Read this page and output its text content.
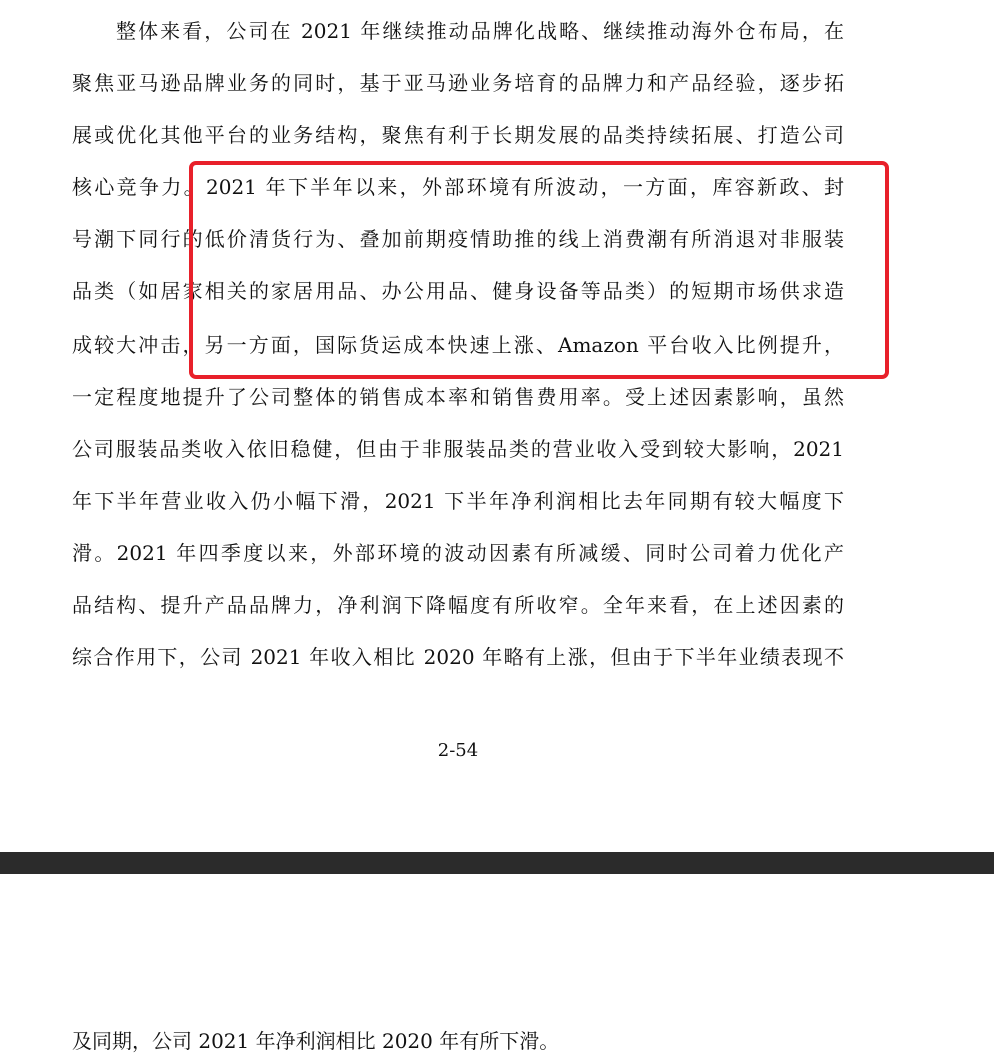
整体来看，公司在 2021 年继续推动品牌化战略、继续推动海外仓布局，在
聚焦亚马逊品牌业务的同时，基于亚马逊业务培育的品牌力和产品经验，逐步拓
展或优化其他平台的业务结构，聚焦有利于长期发展的品类持续拓展、打造公司
核心竞争力。2021 年下半年以来，外部环境有所波动，一方面，库容新政、封
号潮下同行的低价清货行为、叠加前期疫情助推的线上消费潮有所消退对非服装
品类（如居家相关的家居用品、办公用品、健身设备等品类）的短期市场供求造
成较大冲击，另一方面，国际货运成本快速上涨、Amazon 平台收入比例提升，
一定程度地提升了公司整体的销售成本率和销售费用率。受上述因素影响，虽然
公司服装品类收入依旧稳健，但由于非服装品类的营业收入受到较大影响，2021
年下半年营业收入仍小幅下滑，2021 下半年净利润相比去年同期有较大幅度下
滑。2021 年四季度以来，外部环境的波动因素有所减缓、同时公司着力优化产
品结构、提升产品品牌力，净利润下降幅度有所收窄。全年来看，在上述因素的
综合作用下，公司 2021 年收入相比 2020 年略有上涨，但由于下半年业绩表现不
2-54
及同期，公司 2021 年净利润相比 2020 年有所下滑。
